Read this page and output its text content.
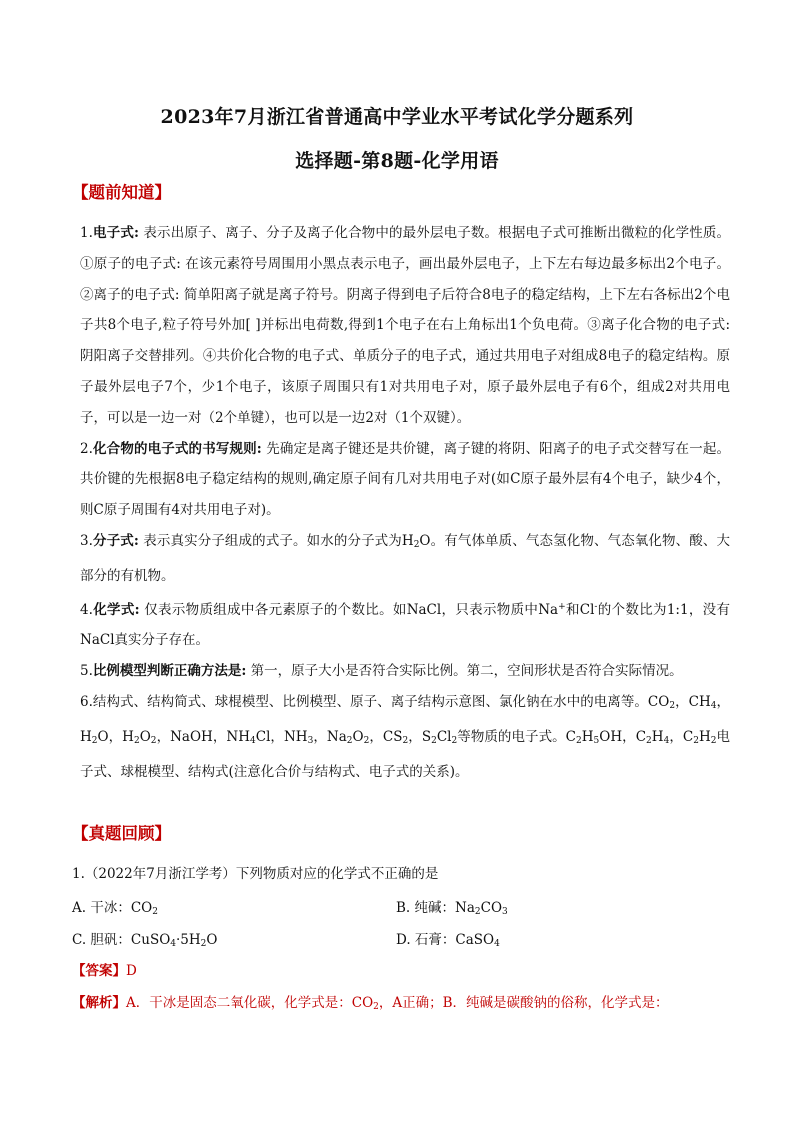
2023年7月浙江省普通高中学业水平考试化学分题系列
选择题-第8题-化学用语
【题前知道】

1.电子式: 表示出原子、离子、分子及离子化合物中的最外层电子数。根据电子式可推断出微粒的化学性质。①原子的电子式: 在该元素符号周围用小黑点表示电子，画出最外层电子，上下左右每边最多标出2个电子。②离子的电子式: 简单阳离子就是离子符号。阴离子得到电子后符合8电子的稳定结构，上下左右各标出2个电子共8个电子,粒子符号外加[ ]并标出电荷数,得到1个电子在右上角标出1个负电荷。③离子化合物的电子式: 阴阳离子交替排列。④共价化合物的电子式、单质分子的电子式，通过共用电子对组成8电子的稳定结构。原子最外层电子7个，少1个电子，该原子周围只有1对共用电子对，原子最外层电子有6个，组成2对共用电子，可以是一边一对（2个单键），也可以是一边2对（1个双键）。

2.化合物的电子式的书写规则: 先确定是离子键还是共价键，离子键的将阴、阳离子的电子式交替写在一起。共价键的先根据8电子稳定结构的规则,确定原子间有几对共用电子对(如C原子最外层有4个电子，缺少4个，则C原子周围有4对共用电子对)。

3.分子式: 表示真实分子组成的式子。如水的分子式为$H_2O$。有气体单质、气态氢化物、气态氧化物、酸、大部分的有机物。

4.化学式: 仅表示物质组成中各元素原子的个数比。如NaCl，只表示物质中Na+和Cl-的个数比为1:1，没有NaCl真实分子存在。

5.比例模型判断正确方法是: 第一，原子大小是否符合实际比例。第二，空间形状是否符合实际情况。

6.结构式、结构简式、球棍模型、比例模型、原子、离子结构示意图、氯化钠在水中的电离等。$CO_2$，$CH_4$，$H_2O$，$H_2O_2$，NaOH，$NH_4Cl$，$NH_3$，$Na_2O_2$，$CS_2$，$S_2Cl_2$等物质的电子式。$C_2H_5OH$，$C_2H_4$，$C_2H_2$电子式、球棍模型、结构式(注意化合价与结构式、电子式的关系)。

【真题回顾】
1.（2022年7月浙江学考）下列物质对应的化学式不正确的是
A. 干冰：$CO_2$	B. 纯碱：$Na_2CO_3$
C. 胆矾：$CuSO_4\cdot 5H_2O$	D. 石膏：CaSO$_4$
【答案】D
【解析】A．干冰是固态二氧化碳，化学式是：$CO_2$，A正确；B．纯碱是碳酸钠的俗称，化学式是：
